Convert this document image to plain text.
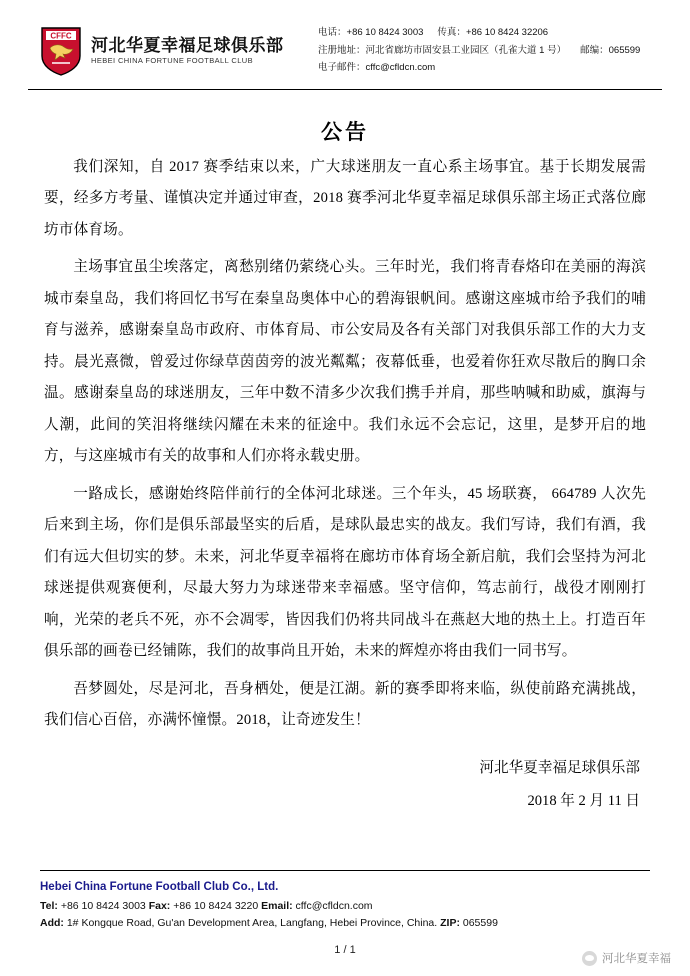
CFFC 河北华夏幸福足球俱乐部
HEBEI CHINA FORTUNE FOOTBALL CLUB
电话：+86 10 8424 3003 传真：+86 10 8424 32206
注册地址：河北省廊坊市固安县工业园区（孔雀大道 1 号） 邮编：065599
电子邮件：cffc@cfldcn.com
公告

我们深知，自 2017 赛季结束以来，广大球迷朋友一直心系主场事宜。基于长期发展需要，经多方考量、谨慎决定并通过审查，2018 赛季河北华夏幸福足球俱乐部主场正式落位廊坊市体育场。

主场事宜虽尘埃落定，离愁别绪仍萦绕心头。三年时光，我们将青春烙印在美丽的海滨城市秦皇岛，我们将回忆书写在秦皇岛奥体中心的碧海银帆间。感谢这座城市给予我们的哺育与滋养，感谢秦皇岛市政府、市体育局、市公安局及各有关部门对我俱乐部工作的大力支持。晨光熹微，曾爱过你绿草茵茵旁的波光粼粼；夜幕低垂，也爱着你狂欢尽散后的胸口余温。感谢秦皇岛的球迷朋友，三年中数不清多少次我们携手并肩，那些呐喊和助威，旗海与人潮，此间的笑泪将继续闪耀在未来的征途中。我们永远不会忘记，这里，是梦开启的地方，与这座城市有关的故事和人们亦将永载史册。

一路成长，感谢始终陪伴前行的全体河北球迷。三个年头，45 场联赛， 664789 人次先后来到主场，你们是俱乐部最坚实的后盾，是球队最忠实的战友。我们写诗，我们有酒，我们有远大但切实的梦。未来，河北华夏幸福将在廊坊市体育场全新启航，我们会坚持为河北球迷提供观赛便利，尽最大努力为球迷带来幸福感。坚守信仰，笃志前行，战役才刚刚打响，光荣的老兵不死，亦不会凋零，皆因我们仍将共同战斗在燕赵大地的热土上。打造百年俱乐部的画卷已经铺陈，我们的故事尚且开始，未来的辉煌亦将由我们一同书写。

吾梦圆处，尽是河北，吾身栖处，便是江湖。新的赛季即将来临，纵使前路充满挑战，我们信心百倍，亦满怀憧憬。2018，让奇迹发生！

河北华夏幸福足球俱乐部
2018 年 2 月 11 日
Hebei China Fortune Football Club Co., Ltd.
Tel: +86 10 8424 3003 Fax: +86 10 8424 3220 Email: cffc@cfldcn.com
Add: 1# Kongque Road, Gu'an Development Area, Langfang, Hebei Province, China. ZIP: 065599
1 / 1
河北华夏幸福
